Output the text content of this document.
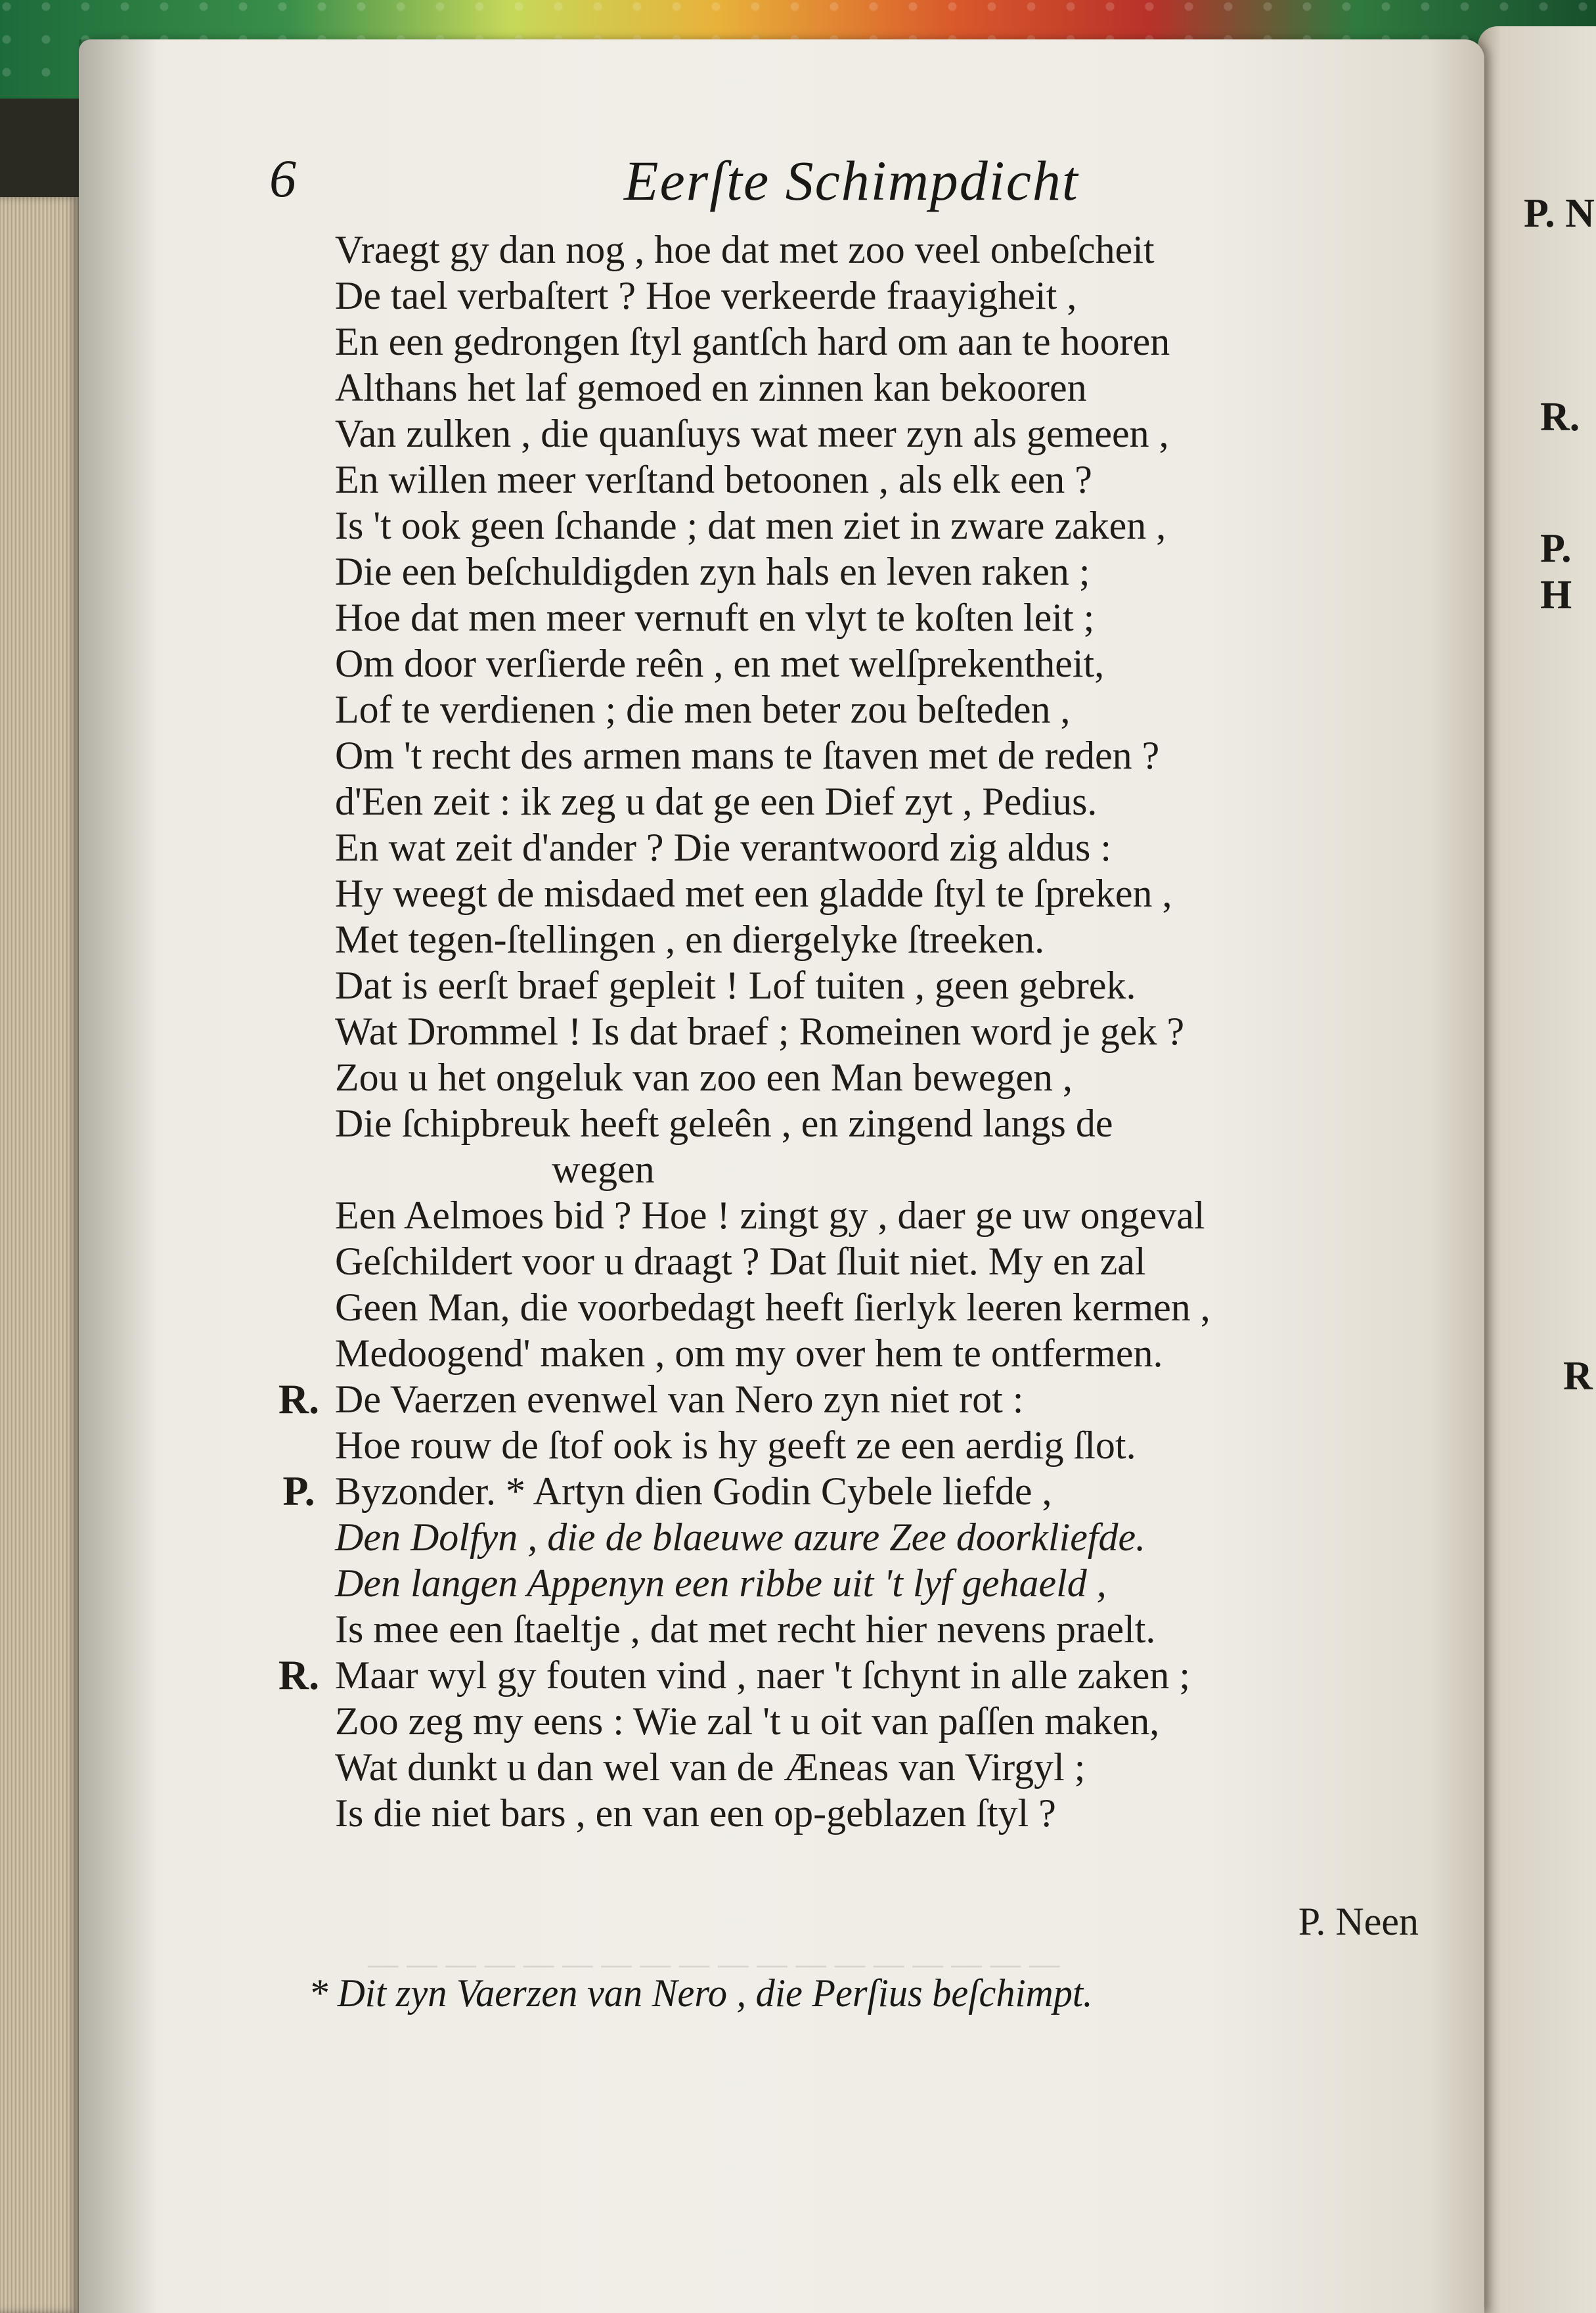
P. N
R.
P. H
R
— — — — — — — — — — — — — — — — — —
6	Eerſte Schimpdicht
Vraegt gy dan nog , hoe dat met zoo veel onbeſcheit
De tael verbaſtert ? Hoe verkeerde fraayigheit ,
En een gedrongen ſtyl gantſch hard om aan te hooren
Althans het laf gemoed en zinnen kan bekooren
Van zulken , die quanſuys wat meer zyn als gemeen ,
En willen meer verſtand betoonen , als elk een ?
Is 't ook geen ſchande ; dat men ziet in zware zaken ,
Die een beſchuldigden zyn hals en leven raken ;
Hoe dat men meer vernuft en vlyt te koſten leit ;
Om door verſierde reên , en met welſprekentheit,
Lof te verdienen ; die men beter zou beſteden ,
Om 't recht des armen mans te ſtaven met de reden ?
d'Een zeit : ik zeg u dat ge een Dief zyt , Pedius.
En wat zeit d'ander ? Die verantwoord zig aldus :
Hy weegt de misdaed met een gladde ſtyl te ſpreken ,
Met tegen-ſtellingen , en diergelyke ſtreeken.
Dat is eerſt braef gepleit ! Lof tuiten , geen gebrek.
Wat Drommel ! Is dat braef ; Romeinen word je gek ?
Zou u het ongeluk van zoo een Man bewegen ,
Die ſchipbreuk heeft geleên , en zingend langs de
wegen
Een Aelmoes bid ? Hoe ! zingt gy , daer ge uw ongeval
Geſchildert voor u draagt ? Dat ſluit niet. My en zal
Geen Man, die voorbedagt heeft ſierlyk leeren kermen ,
Medoogend' maken , om my over hem te ontfermen.
R. De Vaerzen evenwel van Nero zyn niet rot :
Hoe rouw de ſtof ook is hy geeft ze een aerdig ſlot.
P. Byzonder. * Artyn dien Godin Cybele liefde ,
Den Dolfyn , die de blaeuwe azure Zee doorkliefde.
Den langen Appenyn een ribbe uit 't lyf gehaeld ,
Is mee een ſtaeltje , dat met recht hier nevens praelt.
R. Maar wyl gy fouten vind , naer 't ſchynt in alle zaken ;
Zoo zeg my eens : Wie zal 't u oit van paſſen maken,
Wat dunkt u dan wel van de Æneas van Virgyl ;
Is die niet bars , en van een op-geblazen ſtyl ?
P. Neen
* Dit zyn Vaerzen van Nero , die Perſius beſchimpt.
